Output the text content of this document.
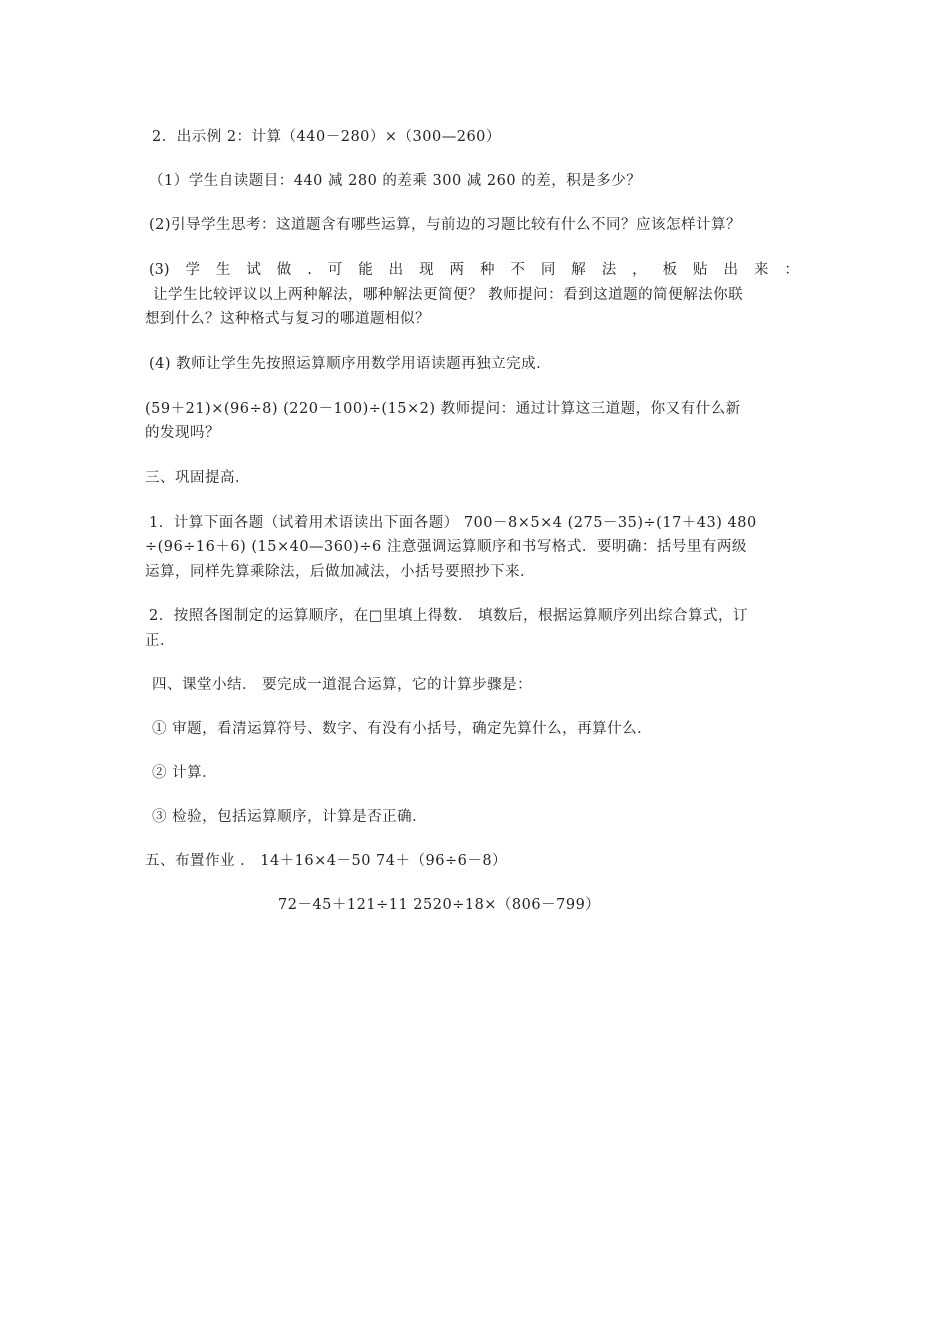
2．出示例 2：计算（440－280）×（300—260）
（1）学生自读题目：440 减 280 的差乘 300 减 260 的差，积是多少？
(2)引导学生思考：这道题含有哪些运算，与前边的习题比较有什么不同？应该怎样计算？
(3) 学 生 试 做 . 可 能 出 现 两 种 不 同 解 法 ， 板 贴 出 来 ：
让学生比较评议以上两种解法，哪种解法更简便？ 教师提问：看到这道题的简便解法你联
想到什么？这种格式与复习的哪道题相似？
(4) 教师让学生先按照运算顺序用数学用语读题再独立完成．
(59＋21)×(96÷8) (220－100)÷(15×2) 教师提问：通过计算这三道题，你又有什么新
的发现吗？
三、巩固提高．
1．计算下面各题（试着用术语读出下面各题） 700－8×5×4 (275－35)÷(17＋43) 480
÷(96÷16＋6) (15×40—360)÷6 注意强调运算顺序和书写格式．要明确：括号里有两级
运算，同样先算乘除法，后做加减法，小括号要照抄下来．
2．按照各图制定的运算顺序，在□里填上得数． 填数后，根据运算顺序列出综合算式，订
正．
四、课堂小结． 要完成一道混合运算，它的计算步骤是：
① 审题，看清运算符号、数字、有没有小括号，确定先算什么，再算什么．
② 计算．
③ 检验，包括运算顺序，计算是否正确．
五、布置作业 ． 14＋16×4－50 74＋（96÷6－8）
72－45＋121÷11 2520÷18×（806－799）
